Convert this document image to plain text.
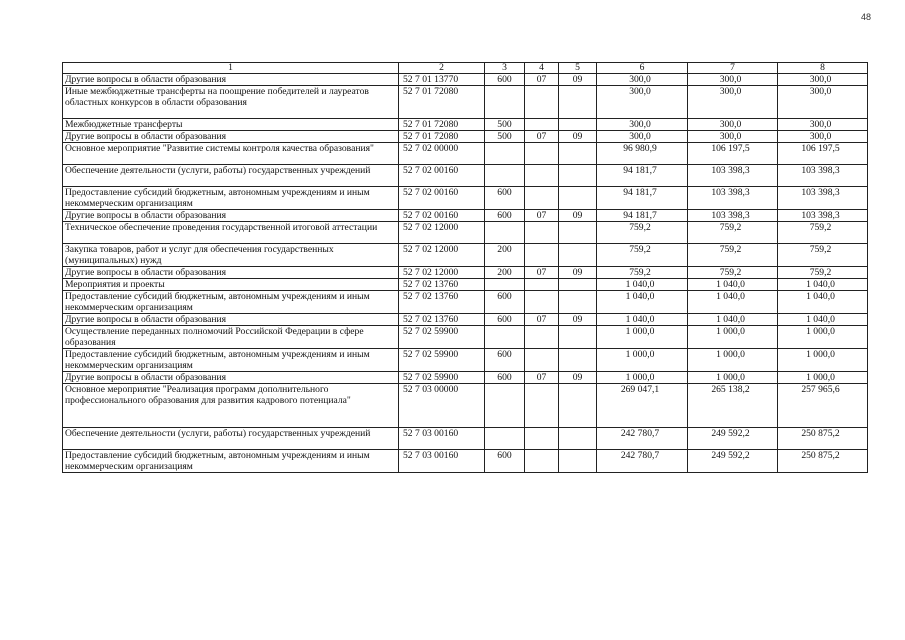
48
1	2	3	4	5	6	7	8
Другие вопросы в области образования	52 7 01 13770	600	07	09	300,0	300,0	300,0
Иные межбюджетные трансферты на поощрение победителей и лауреатов областных конкурсов в области образования	52 7 01 72080				300,0	300,0	300,0
Межбюджетные трансферты	52 7 01 72080	500			300,0	300,0	300,0
Другие вопросы в области образования	52 7 01 72080	500	07	09	300,0	300,0	300,0
Основное мероприятие "Развитие системы контроля качества образования"	52 7 02 00000				96 980,9	106 197,5	106 197,5
Обеспечение деятельности (услуги, работы) государственных учреждений	52 7 02 00160				94 181,7	103 398,3	103 398,3
Предоставление субсидий бюджетным, автономным учреждениям и иным некоммерческим организациям	52 7 02 00160	600			94 181,7	103 398,3	103 398,3
Другие вопросы в области образования	52 7 02 00160	600	07	09	94 181,7	103 398,3	103 398,3
Техническое обеспечение проведения государственной итоговой аттестации	52 7 02 12000				759,2	759,2	759,2
Закупка товаров, работ и услуг для обеспечения государственных (муниципальных) нужд	52 7 02 12000	200			759,2	759,2	759,2
Другие вопросы в области образования	52 7 02 12000	200	07	09	759,2	759,2	759,2
Мероприятия и проекты	52 7 02 13760				1 040,0	1 040,0	1 040,0
Предоставление субсидий бюджетным, автономным учреждениям и иным некоммерческим организациям	52 7 02 13760	600			1 040,0	1 040,0	1 040,0
Другие вопросы в области образования	52 7 02 13760	600	07	09	1 040,0	1 040,0	1 040,0
Осуществление переданных полномочий Российской Федерации в сфере образования	52 7 02 59900				1 000,0	1 000,0	1 000,0
Предоставление субсидий бюджетным, автономным учреждениям и иным некоммерческим организациям	52 7 02 59900	600			1 000,0	1 000,0	1 000,0
Другие вопросы в области образования	52 7 02 59900	600	07	09	1 000,0	1 000,0	1 000,0
Основное мероприятие "Реализация программ дополнительного профессионального образования для развития кадрового потенциала"	52 7 03 00000				269 047,1	265 138,2	257 965,6
Обеспечение деятельности (услуги, работы) государственных учреждений	52 7 03 00160				242 780,7	249 592,2	250 875,2
Предоставление субсидий бюджетным, автономным учреждениям и иным некоммерческим организациям	52 7 03 00160	600			242 780,7	249 592,2	250 875,2
